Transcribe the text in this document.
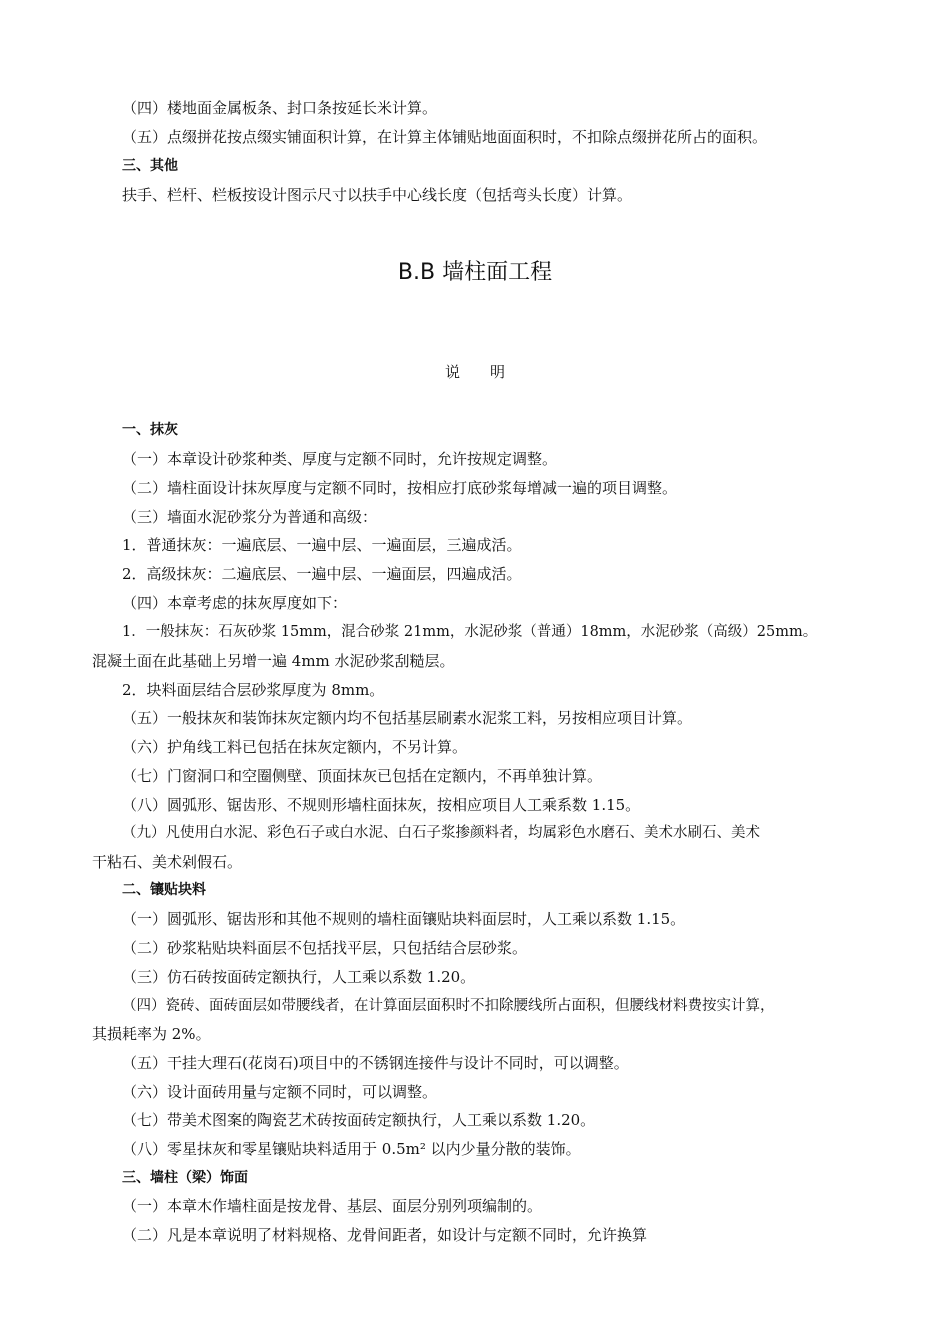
（四）楼地面金属板条、封口条按延长米计算。
（五）点缀拼花按点缀实铺面积计算，在计算主体铺贴地面面积时，不扣除点缀拼花所占的面积。
三、其他
扶手、栏杆、栏板按设计图示尺寸以扶手中心线长度（包括弯头长度）计算。
B.B 墙柱面工程
说　　明
一、抹灰
（一）本章设计砂浆种类、厚度与定额不同时，允许按规定调整。
（二）墙柱面设计抹灰厚度与定额不同时，按相应打底砂浆每增减一遍的项目调整。
（三）墙面水泥砂浆分为普通和高级：
1．普通抹灰：一遍底层、一遍中层、一遍面层，三遍成活。
2．高级抹灰：二遍底层、一遍中层、一遍面层，四遍成活。
（四）本章考虑的抹灰厚度如下：
1．一般抹灰：石灰砂浆 15mm，混合砂浆 21mm，水泥砂浆（普通）18mm，水泥砂浆（高级）25mm。
混凝土面在此基础上另增一遍 4mm 水泥砂浆刮糙层。
2．块料面层结合层砂浆厚度为 8mm。
（五）一般抹灰和装饰抹灰定额内均不包括基层刷素水泥浆工料，另按相应项目计算。
（六）护角线工料已包括在抹灰定额内，不另计算。
（七）门窗洞口和空圈侧壁、顶面抹灰已包括在定额内，不再单独计算。
（八）圆弧形、锯齿形、不规则形墙柱面抹灰，按相应项目人工乘系数 1.15。
（九）凡使用白水泥、彩色石子或白水泥、白石子浆掺颜料者，均属彩色水磨石、美术水刷石、美术
干粘石、美术剁假石。
二、镶贴块料
（一）圆弧形、锯齿形和其他不规则的墙柱面镶贴块料面层时，人工乘以系数 1.15。
（二）砂浆粘贴块料面层不包括找平层，只包括结合层砂浆。
（三）仿石砖按面砖定额执行，人工乘以系数 1.20。
（四）瓷砖、面砖面层如带腰线者，在计算面层面积时不扣除腰线所占面积，但腰线材料费按实计算，
其损耗率为 2%。
（五）干挂大理石(花岗石)项目中的不锈钢连接件与设计不同时，可以调整。
（六）设计面砖用量与定额不同时，可以调整。
（七）带美术图案的陶瓷艺术砖按面砖定额执行，人工乘以系数 1.20。
（八）零星抹灰和零星镶贴块料适用于 0.5m² 以内少量分散的装饰。
三、墙柱（梁）饰面
（一）本章木作墙柱面是按龙骨、基层、面层分别列项编制的。
（二）凡是本章说明了材料规格、龙骨间距者，如设计与定额不同时，允许换算
